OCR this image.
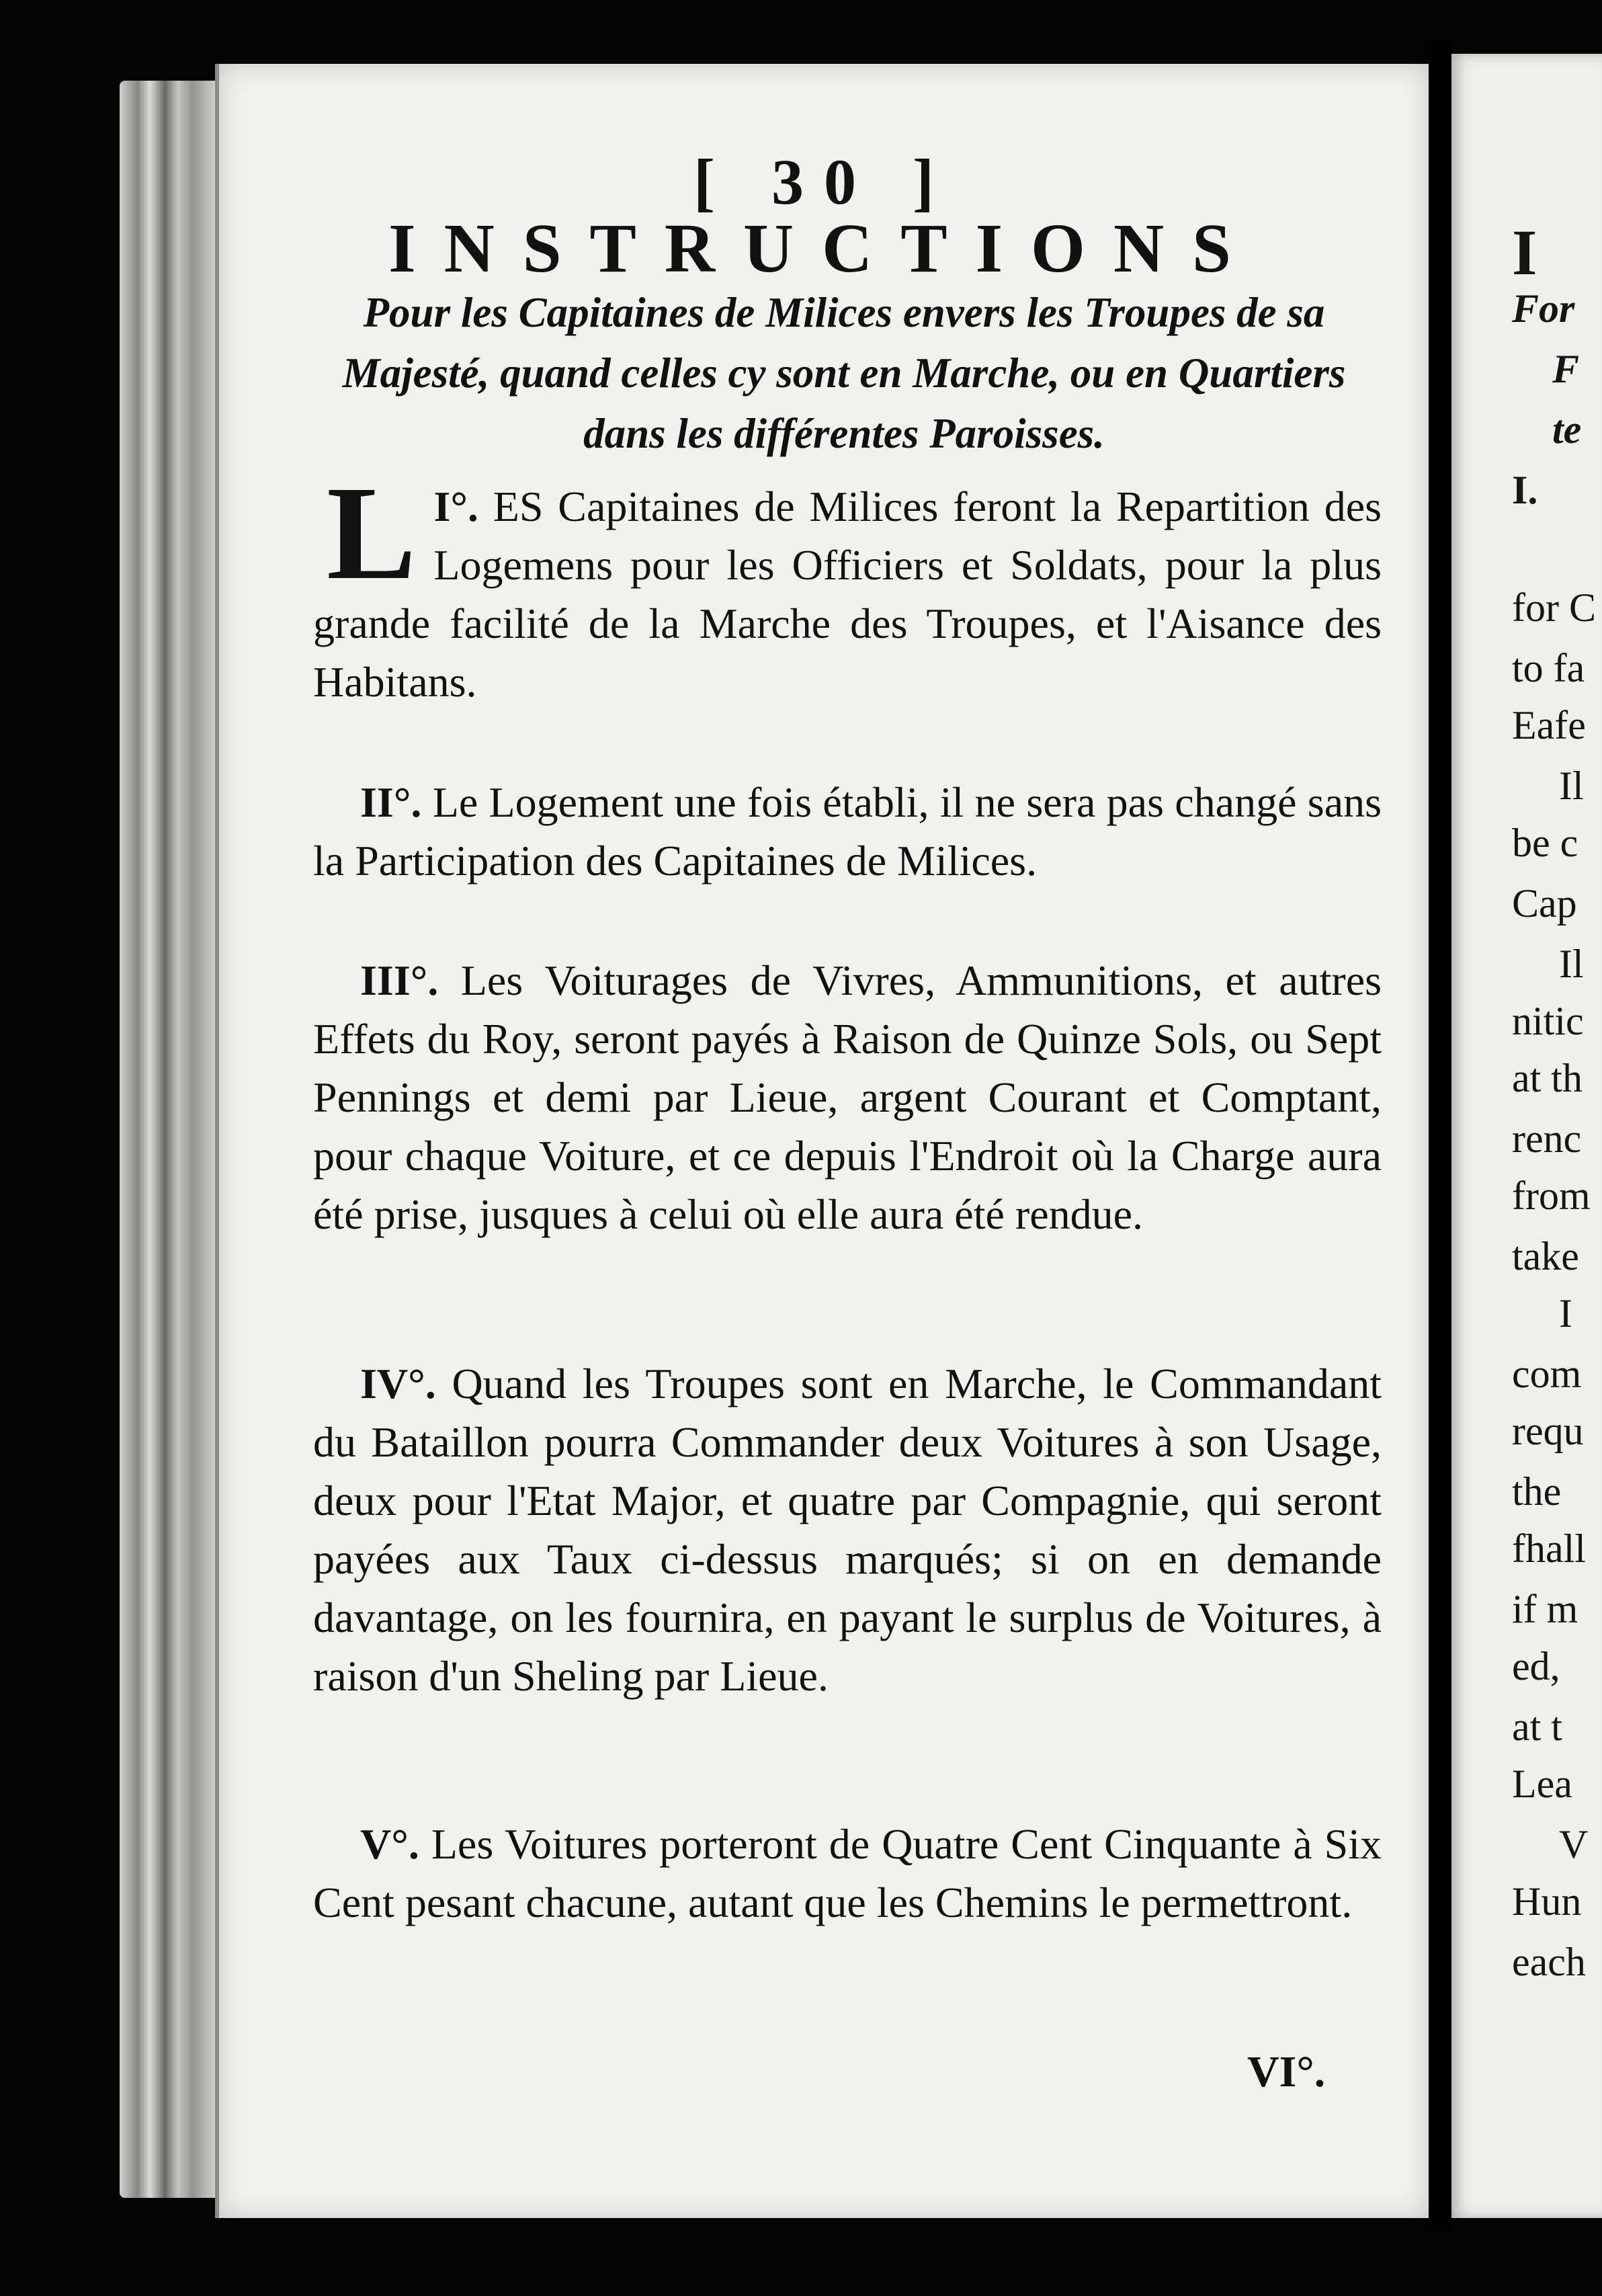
[ 30 ]
INSTRUCTIONS
Pour les Capitaines de Milices envers les Troupes de sa Majesté, quand celles cy sont en Marche, ou en Quartiers dans les différentes Paroisses.
I°.
L ES Capitaines de Milices feront la Repartition des Logemens pour les Officiers et Soldats, pour la plus grande facilité de la Marche des Troupes, et l'Aisance des Habitans.
II°. Le Logement une fois établi, il ne sera pas changé sans la Participation des Capitaines de Milices.
III°. Les Voiturages de Vivres, Ammunitions, et autres Effets du Roy, seront payés à Raison de Quinze Sols, ou Sept Pennings et demi par Lieue, argent Courant et Comptant, pour chaque Voiture, et ce depuis l'Endroit où la Charge aura été prise, jusques à celui où elle aura été rendue.
IV°. Quand les Troupes sont en Marche, le Commandant du Bataillon pourra Commander deux Voitures à son Usage, deux pour l'Etat Major, et quatre par Compagnie, qui seront payées aux Taux ci-dessus marqués; si on en demande davantage, on les fournira, en payant le surplus de Voitures, à raison d'un Sheling par Lieue.
V°. Les Voitures porteront de Quatre Cent Cinquante à Six Cent pesant chacune, autant que les Chemins le permettront.
VI°.
I
For
F
te
I.
for C
to fa
Eafe
Il
be c
Cap
Il
nitic
at th
renc
from
take
I
com
requ
the
fhall
if m
ed,
at t
Lea
V
Hun
each
